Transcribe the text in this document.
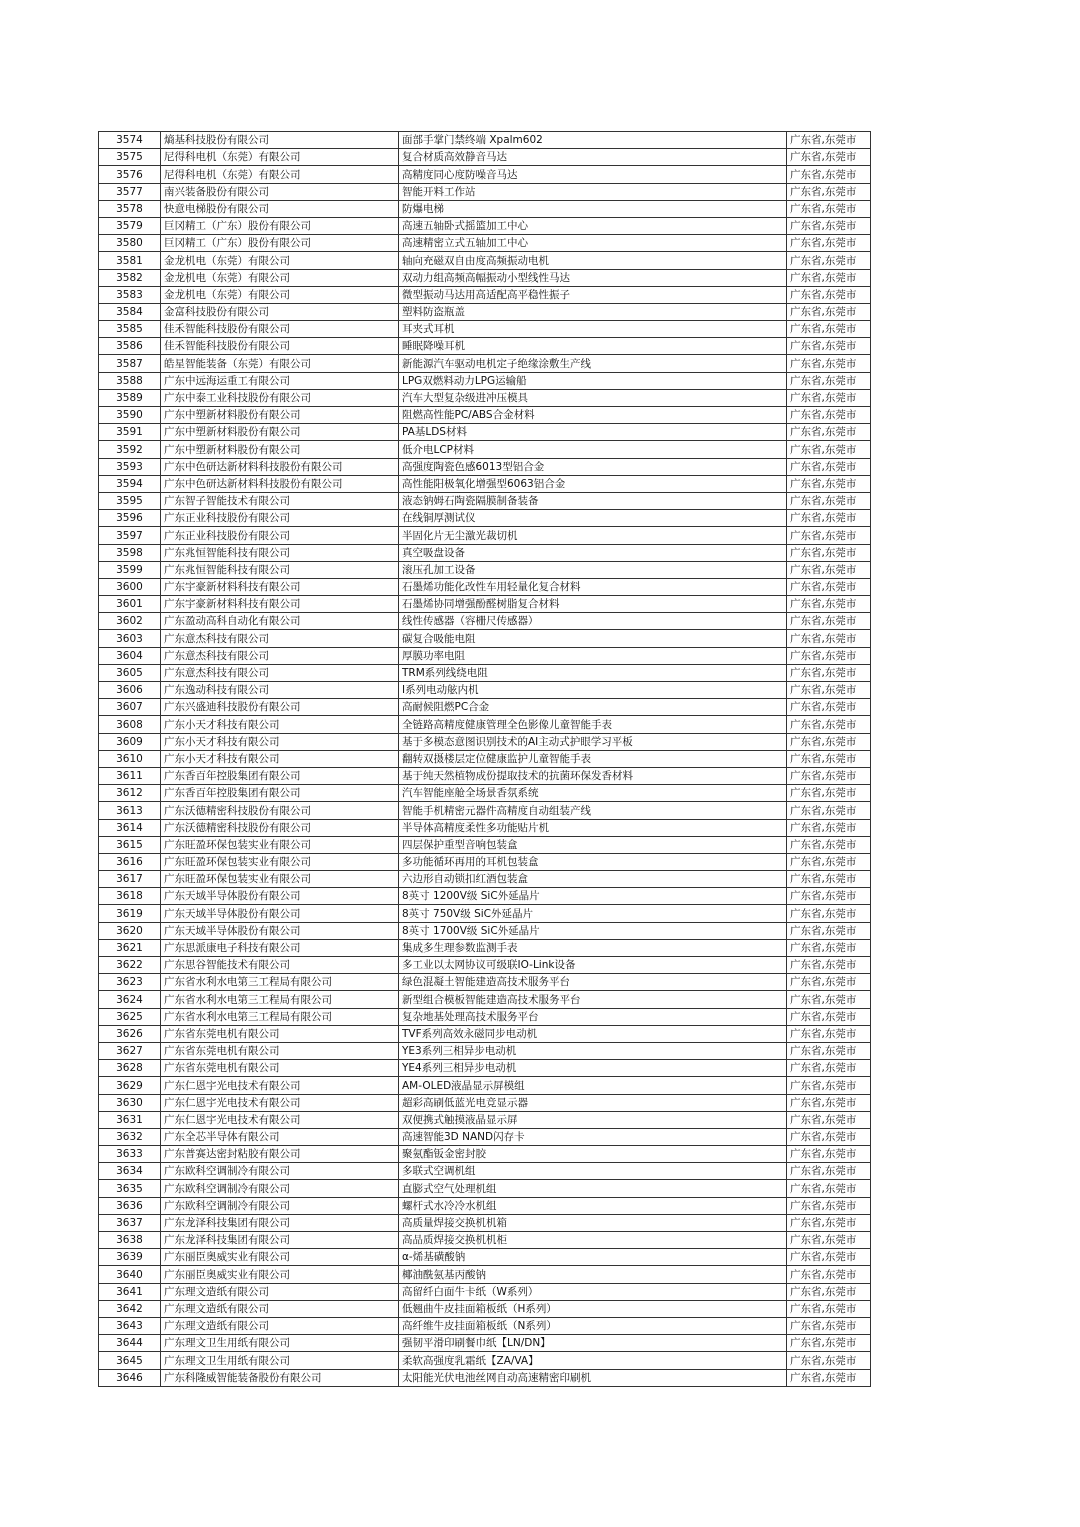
3574	熵基科技股份有限公司	面部手掌门禁终端 Xpalm602	广东省,东莞市
3575	尼得科电机（东莞）有限公司	复合材质高效静音马达	广东省,东莞市
3576	尼得科电机（东莞）有限公司	高精度同心度防噪音马达	广东省,东莞市
3577	南兴装备股份有限公司	智能开料工作站	广东省,东莞市
3578	快意电梯股份有限公司	防爆电梯	广东省,东莞市
3579	巨冈精工（广东）股份有限公司	高速五轴卧式摇篮加工中心	广东省,东莞市
3580	巨冈精工（广东）股份有限公司	高速精密立式五轴加工中心	广东省,东莞市
3581	金龙机电（东莞）有限公司	轴向充磁双自由度高频振动电机	广东省,东莞市
3582	金龙机电（东莞）有限公司	双动力组高频高幅振动小型线性马达	广东省,东莞市
3583	金龙机电（东莞）有限公司	微型振动马达用高适配高平稳性振子	广东省,东莞市
3584	金富科技股份有限公司	塑料防盗瓶盖	广东省,东莞市
3585	佳禾智能科技股份有限公司	耳夹式耳机	广东省,东莞市
3586	佳禾智能科技股份有限公司	睡眠降噪耳机	广东省,东莞市
3587	皓星智能装备（东莞）有限公司	新能源汽车驱动电机定子绝缘涂敷生产线	广东省,东莞市
3588	广东中远海运重工有限公司	LPG双燃料动力LPG运输船	广东省,东莞市
3589	广东中泰工业科技股份有限公司	汽车大型复杂级进冲压模具	广东省,东莞市
3590	广东中塑新材料股份有限公司	阻燃高性能PC/ABS合金材料	广东省,东莞市
3591	广东中塑新材料股份有限公司	PA基LDS材料	广东省,东莞市
3592	广东中塑新材料股份有限公司	低介电LCP材料	广东省,东莞市
3593	广东中色研达新材料科技股份有限公司	高强度陶瓷色感6013型铝合金	广东省,东莞市
3594	广东中色研达新材料科技股份有限公司	高性能阳极氧化增强型6063铝合金	广东省,东莞市
3595	广东智子智能技术有限公司	液态钠姆石陶瓷隔膜制备装备	广东省,东莞市
3596	广东正业科技股份有限公司	在线铜厚测试仪	广东省,东莞市
3597	广东正业科技股份有限公司	半固化片无尘激光裁切机	广东省,东莞市
3598	广东兆恒智能科技有限公司	真空吸盘设备	广东省,东莞市
3599	广东兆恒智能科技有限公司	滚压孔加工设备	广东省,东莞市
3600	广东宇豪新材料科技有限公司	石墨烯功能化改性车用轻量化复合材料	广东省,东莞市
3601	广东宇豪新材料科技有限公司	石墨烯协同增强酚醛树脂复合材料	广东省,东莞市
3602	广东盈动高科自动化有限公司	线性传感器（容栅尺传感器）	广东省,东莞市
3603	广东意杰科技有限公司	碳复合吸能电阻	广东省,东莞市
3604	广东意杰科技有限公司	厚膜功率电阻	广东省,东莞市
3605	广东意杰科技有限公司	TRM系列线绕电阻	广东省,东莞市
3606	广东逸动科技有限公司	I系列电动舷内机	广东省,东莞市
3607	广东兴盛迪科技股份有限公司	高耐候阻燃PC合金	广东省,东莞市
3608	广东小天才科技有限公司	全链路高精度健康管理全色影像儿童智能手表	广东省,东莞市
3609	广东小天才科技有限公司	基于多模态意图识别技术的AI主动式护眼学习平板	广东省,东莞市
3610	广东小天才科技有限公司	翻转双摄楼层定位健康监护儿童智能手表	广东省,东莞市
3611	广东香百年控股集团有限公司	基于纯天然植物成份提取技术的抗菌环保发香材料	广东省,东莞市
3612	广东香百年控股集团有限公司	汽车智能座舱全场景香氛系统	广东省,东莞市
3613	广东沃德精密科技股份有限公司	智能手机精密元器件高精度自动组装产线	广东省,东莞市
3614	广东沃德精密科技股份有限公司	半导体高精度柔性多功能贴片机	广东省,东莞市
3615	广东旺盈环保包装实业有限公司	四层保护重型音响包装盒	广东省,东莞市
3616	广东旺盈环保包装实业有限公司	多功能循环再用的耳机包装盒	广东省,东莞市
3617	广东旺盈环保包装实业有限公司	六边形自动锁扣红酒包装盒	广东省,东莞市
3618	广东天域半导体股份有限公司	8英寸 1200V级 SiC外延晶片	广东省,东莞市
3619	广东天域半导体股份有限公司	8英寸 750V级 SiC外延晶片	广东省,东莞市
3620	广东天域半导体股份有限公司	8英寸 1700V级 SiC外延晶片	广东省,东莞市
3621	广东思派康电子科技有限公司	集成多生理参数监测手表	广东省,东莞市
3622	广东思谷智能技术有限公司	多工业以太网协议可级联IO-Link设备	广东省,东莞市
3623	广东省水利水电第三工程局有限公司	绿色混凝土智能建造高技术服务平台	广东省,东莞市
3624	广东省水利水电第三工程局有限公司	新型组合模板智能建造高技术服务平台	广东省,东莞市
3625	广东省水利水电第三工程局有限公司	复杂地基处理高技术服务平台	广东省,东莞市
3626	广东省东莞电机有限公司	TVF系列高效永磁同步电动机	广东省,东莞市
3627	广东省东莞电机有限公司	YE3系列三相异步电动机	广东省,东莞市
3628	广东省东莞电机有限公司	YE4系列三相异步电动机	广东省,东莞市
3629	广东仁恩宇光电技术有限公司	AM-OLED液晶显示屏模组	广东省,东莞市
3630	广东仁恩宇光电技术有限公司	超彩高刷低蓝光电竞显示器	广东省,东莞市
3631	广东仁恩宇光电技术有限公司	双便携式触摸液晶显示屏	广东省,东莞市
3632	广东全芯半导体有限公司	高速智能3D NAND闪存卡	广东省,东莞市
3633	广东普赛达密封粘胶有限公司	聚氨酯钣金密封胶	广东省,东莞市
3634	广东欧科空调制冷有限公司	多联式空调机组	广东省,东莞市
3635	广东欧科空调制冷有限公司	直膨式空气处理机组	广东省,东莞市
3636	广东欧科空调制冷有限公司	螺杆式水冷冷水机组	广东省,东莞市
3637	广东龙泽科技集团有限公司	高质量焊接交换机机箱	广东省,东莞市
3638	广东龙泽科技集团有限公司	高品质焊接交换机机柜	广东省,东莞市
3639	广东丽臣奥威实业有限公司	α-烯基磺酸钠	广东省,东莞市
3640	广东丽臣奥威实业有限公司	椰油酰氨基丙酸钠	广东省,东莞市
3641	广东理文造纸有限公司	高留纤白面牛卡纸（W系列）	广东省,东莞市
3642	广东理文造纸有限公司	低翘曲牛皮挂面箱板纸（H系列）	广东省,东莞市
3643	广东理文造纸有限公司	高纤维牛皮挂面箱板纸（N系列）	广东省,东莞市
3644	广东理文卫生用纸有限公司	强韧平滑印刷餐巾纸【LN/DN】	广东省,东莞市
3645	广东理文卫生用纸有限公司	柔软高强度乳霜纸【ZA/VA】	广东省,东莞市
3646	广东科隆威智能装备股份有限公司	太阳能光伏电池丝网自动高速精密印刷机	广东省,东莞市
